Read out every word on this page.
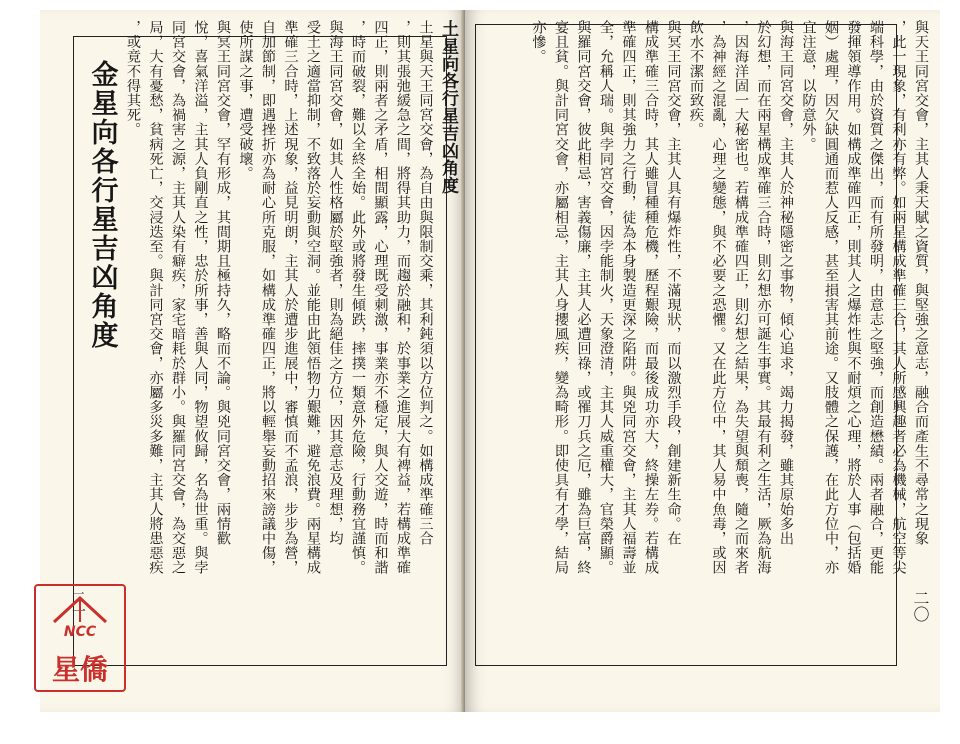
土星向各行星吉凶角度
土星與天王同宮交會，為自由與限制交乘，其利鈍須以方位判之。如構成準確三合
，則其張弛緩急之間，將得其助力，而趨於融和，於事業之進展大有裨益，若構成準確
四正，則兩者之矛盾，相間顯露，心理既受刺激，事業亦不穩定，與人交遊，時而和諧
，時而破裂，難以全終全始。此外或將發生傾跌，摔撲一類意外危險，行動務宜謹慎。
與海王同宮交會，如其人性格屬於堅強者，則為絕佳之方位，因其意志及理想，均
受土之適當抑制，不致落於妄動與空洞。並能由此領悟物力艱難，避免浪費。兩星構成
準確三合時，上述現象，益見明朗，主其人於遭步進展中，審慎而不孟浪，步步為營，
自加節制，即遇挫折亦為耐心所克服，如構成準確四正，將以輕舉妄動招來謗議中傷，
使所謀之事，遭受破壞。
與冥王同宮交會，罕有形成，其間期且極持久，略而不論。與兇同宮交會，兩情歡
悅，喜氣洋溢，主其人負剛直之性，忠於所事，善與人同，物望攸歸，名為世重。與孛
同宮交會，為禍害之源，主其人染有癖疾，家宅暗耗於群小。與羅同宮交會，為交惡之
局，大有憂愁，貧病死亡，交浸迭至。與計同宮交會，亦屬多災多難，主其人將患惡疾
，或竟不得其死。
金星向各行星吉凶角度
二一
與天王同宮交會，主其人秉天賦之資質，與堅強之意志，融合而產生不尋常之現象
，此一現象，有利亦有弊。如兩星構成準確三合，其人所感興趣者必為機械，航空等尖
端科學，由於資質之傑出，而有所發明，由意志之堅強，而創造懋績。兩者融合，更能
發揮領導作用。如構成準確四正，則其人之爆炸性與不耐煩之心理，將於人事（包括婚
姻）處理，因欠缺圓通而惹人反感，甚至損害其前途。又肢體之保護，在此方位中，亦
宜注意，以防意外。
與海王同宮交會，主其人於神秘隱密之事物，傾心追求，竭力揭發，雖其原始多出
於幻想，而在兩星構成準確三合時，則幻想亦可誕生事實。其最有利之生活，厥為航海
，因海洋固一大秘密也。若構成準確四正，則幻想之結果，為失望與頹喪，隨之而來者
，為神經之混亂，心理之變態，與不必要之恐懼。又在此方位中，其人易中魚毒，或因
飲水不潔而致疾。
與冥王同宮交會，主其人具有爆炸性，不滿現狀，而以激烈手段，創建新生命。在
構成準確三合時，其人雖冒種種危機，歷程艱險，而最後成功亦大，終操左券。若構成
準確四正，則其強力之行動，徒為本身製造更深之陷阱。與兇同宮交會，主其人福壽並
全，允稱人瑞。與孛同宮交會，因孛能制火，天象澄清，主其人威重權大，官榮爵顯。
與羅同宮交會，彼此相忌，害義傷廉，主其人必遭回祿，或罹刀兵之厄，雖為巨富，終
宴且貧。與計同宮交會，亦屬相忌，主其人身攖風疾，變為畸形。即使具有才學，結局
亦慘。
二〇
NCC
星僑
